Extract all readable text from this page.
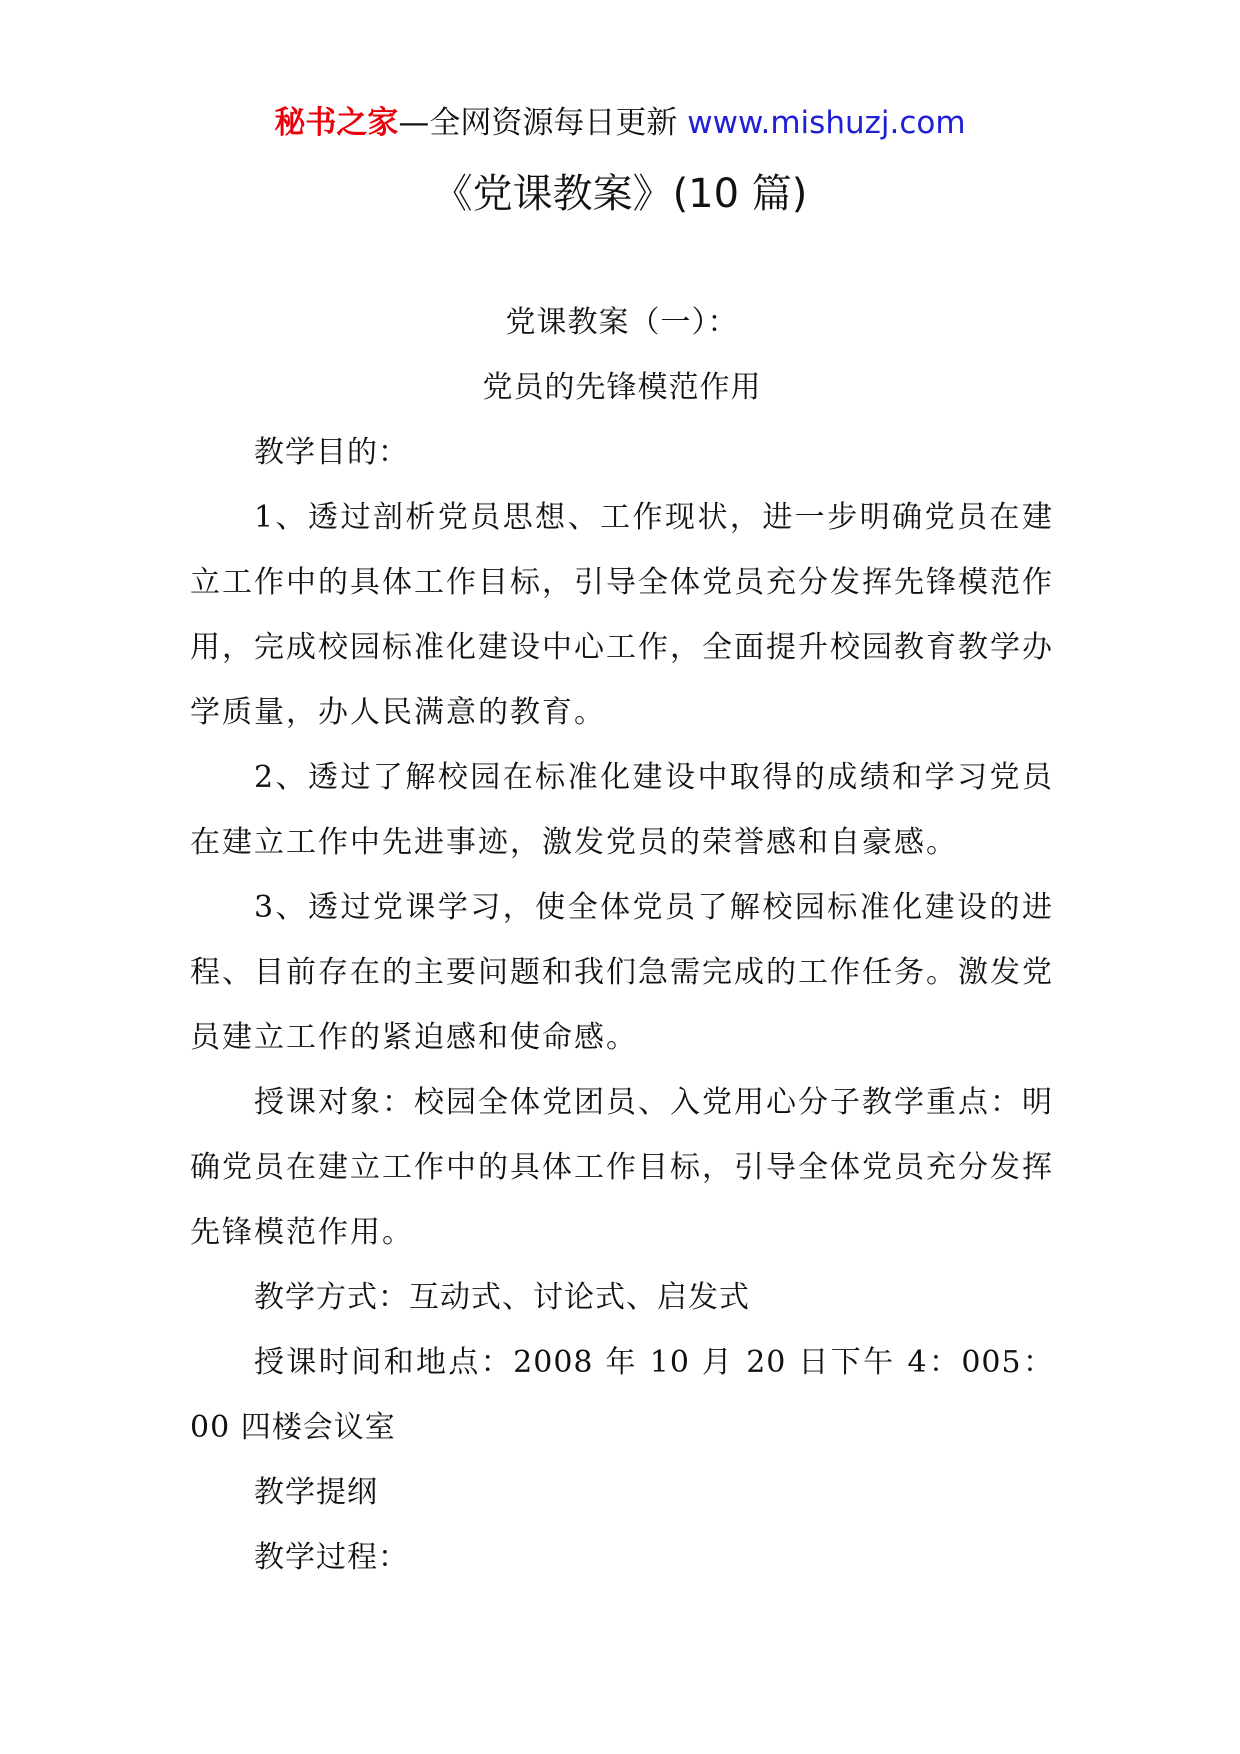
秘书之家—全网资源每日更新 www.mishuzj.com
《党课教案》(10 篇)

党课教案（一）：

党员的先锋模范作用

教学目的：

1、透过剖析党员思想、工作现状，进一步明确党员在建立工作中的具体工作目标，引导全体党员充分发挥先锋模范作用，完成校园标准化建设中心工作，全面提升校园教育教学办学质量，办人民满意的教育。

2、透过了解校园在标准化建设中取得的成绩和学习党员在建立工作中先进事迹，激发党员的荣誉感和自豪感。

3、透过党课学习，使全体党员了解校园标准化建设的进程、目前存在的主要问题和我们急需完成的工作任务。激发党员建立工作的紧迫感和使命感。

授课对象：校园全体党团员、入党用心分子教学重点：明确党员在建立工作中的具体工作目标，引导全体党员充分发挥先锋模范作用。

教学方式：互动式、讨论式、启发式

授课时间和地点：2008 年 10 月 20 日下午 4：005：00 四楼会议室

教学提纲

教学过程：
